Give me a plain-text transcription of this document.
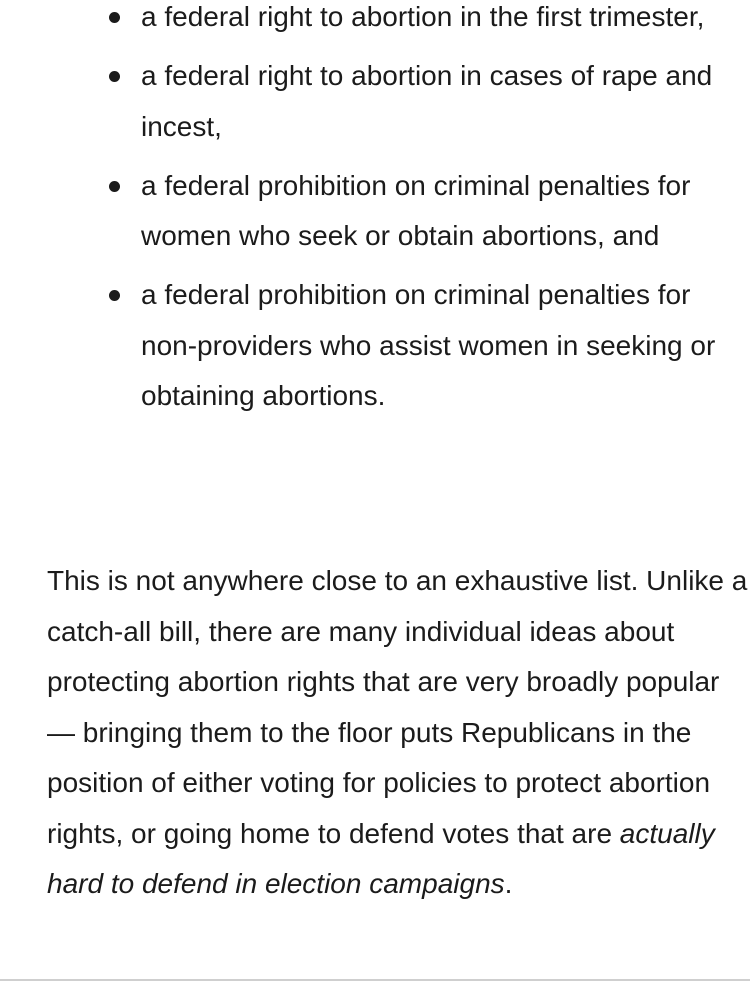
a federal right to abortion in the first trimester,
a federal right to abortion in cases of rape and incest,
a federal prohibition on criminal penalties for women who seek or obtain abortions, and
a federal prohibition on criminal penalties for non-providers who assist women in seeking or obtaining abortions.

This is not anywhere close to an exhaustive list. Unlike a catch-all bill, there are many individual ideas about protecting abortion rights that are very broadly popular — bringing them to the floor puts Republicans in the position of either voting for policies to protect abortion rights, or going home to defend votes that are actually hard to defend in election campaigns.
